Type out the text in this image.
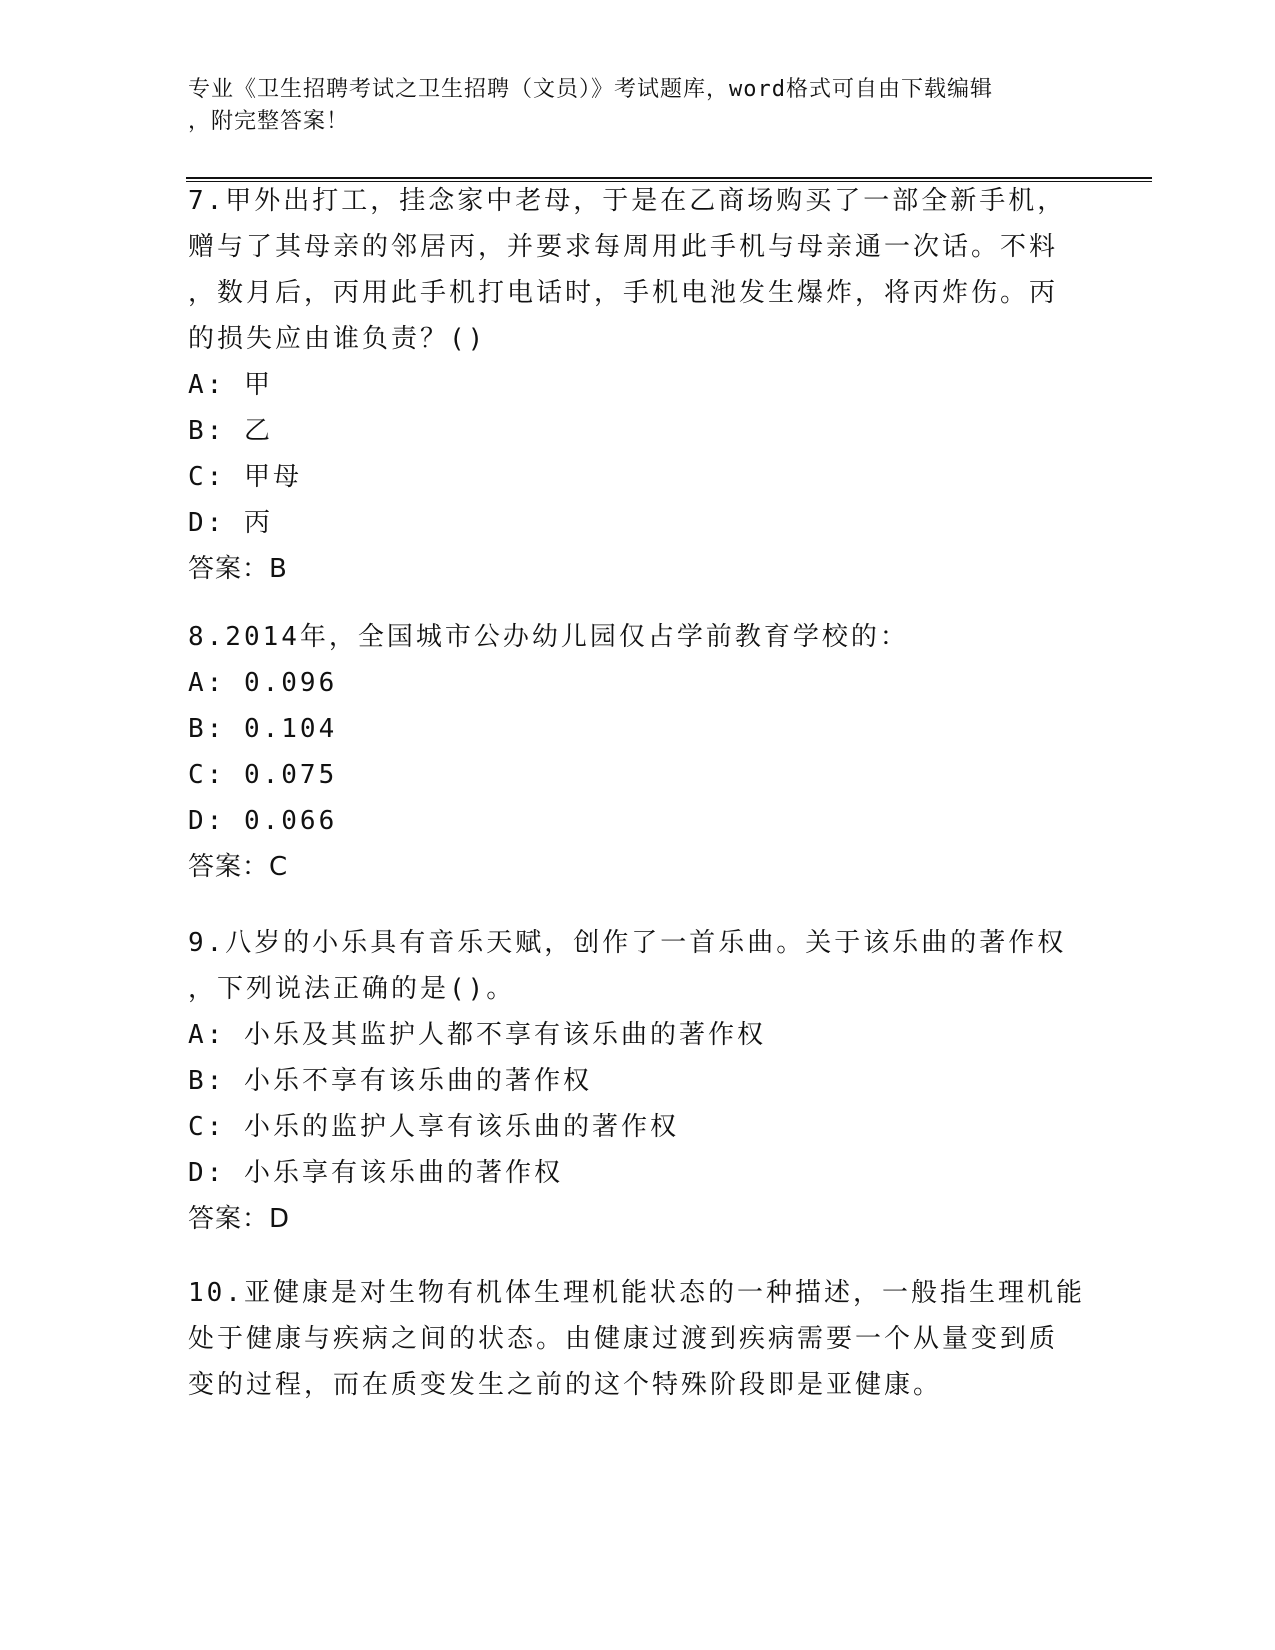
专业《卫生招聘考试之卫生招聘（文员）》考试题库，word格式可自由下载编辑
，附完整答案！

7.甲外出打工，挂念家中老母，于是在乙商场购买了一部全新手机，

赠与了其母亲的邻居丙，并要求每周用此手机与母亲通一次话。不料

，数月后，丙用此手机打电话时，手机电池发生爆炸，将丙炸伤。丙

的损失应由谁负责？()

A: 甲

B: 乙

C: 甲母

D: 丙

答案：B

8.2014年，全国城市公办幼儿园仅占学前教育学校的：

A: 0.096

B: 0.104

C: 0.075

D: 0.066

答案：C

9.八岁的小乐具有音乐天赋，创作了一首乐曲。关于该乐曲的著作权

，下列说法正确的是()。

A: 小乐及其监护人都不享有该乐曲的著作权

B: 小乐不享有该乐曲的著作权

C: 小乐的监护人享有该乐曲的著作权

D: 小乐享有该乐曲的著作权

答案：D

10.亚健康是对生物有机体生理机能状态的一种描述，一般指生理机能

处于健康与疾病之间的状态。由健康过渡到疾病需要一个从量变到质

变的过程，而在质变发生之前的这个特殊阶段即是亚健康。
